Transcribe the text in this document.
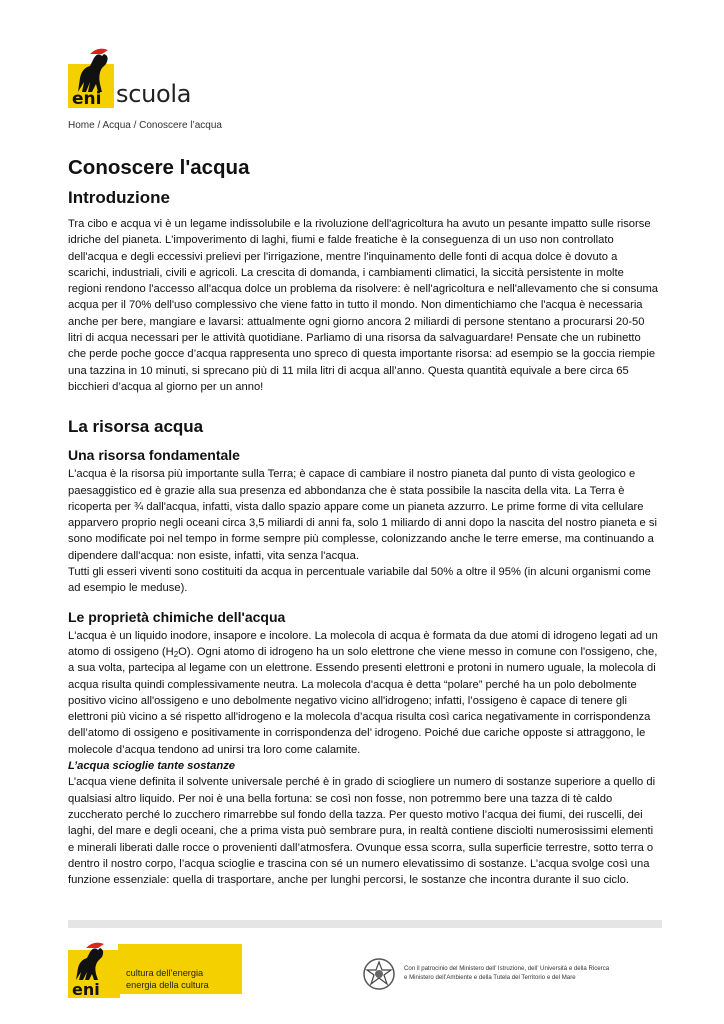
eni scuola
Home / Acqua / Conoscere l’acqua
Conoscere l'acqua
Introduzione

Tra cibo e acqua vi è un legame indissolubile e la rivoluzione dell'agricoltura ha avuto un pesante impatto sulle risorse idriche del pianeta. L'impoverimento di laghi, fiumi e falde freatiche è la conseguenza di un uso non controllato dell'acqua e degli eccessivi prelievi per l'irrigazione, mentre l'inquinamento delle fonti di acqua dolce è dovuto a scarichi, industriali, civili e agricoli. La crescita di domanda, i cambiamenti climatici, la siccità persistente in molte regioni rendono l'accesso all'acqua dolce un problema da risolvere: è nell'agricoltura e nell'allevamento che si consuma acqua per il 70% dell'uso complessivo che viene fatto in tutto il mondo. Non dimentichiamo che l'acqua è necessaria anche per bere, mangiare e lavarsi: attualmente ogni giorno ancora 2 miliardi di persone stentano a procurarsi 20-50 litri di acqua necessari per le attività quotidiane. Parliamo di una risorsa da salvaguardare! Pensate che un rubinetto che perde poche gocce d’acqua rappresenta uno spreco di questa importante risorsa: ad esempio se la goccia riempie una tazzina in 10 minuti, si sprecano più di 11 mila litri di acqua all’anno. Questa quantità equivale a bere circa 65 bicchieri d’acqua al giorno per un anno!

La risorsa acqua
Una risorsa fondamentale

L'acqua è la risorsa più importante sulla Terra; è capace di cambiare il nostro pianeta dal punto di vista geologico e paesaggistico ed è grazie alla sua presenza ed abbondanza che è stata possibile la nascita della vita. La Terra è ricoperta per ¾ dall'acqua, infatti, vista dallo spazio appare come un pianeta azzurro. Le prime forme di vita cellulare apparvero proprio negli oceani circa 3,5 miliardi di anni fa, solo 1 miliardo di anni dopo la nascita del nostro pianeta e si sono modificate poi nel tempo in forme sempre più complesse, colonizzando anche le terre emerse, ma continuando a dipendere dall'acqua: non esiste, infatti, vita senza l'acqua.

Tutti gli esseri viventi sono costituiti da acqua in percentuale variabile dal 50% a oltre il 95% (in alcuni organismi come ad esempio le meduse).

Le proprietà chimiche dell'acqua

L'acqua è un liquido inodore, insapore e incolore. La molecola di acqua è formata da due atomi di idrogeno legati ad un atomo di ossigeno $(H_2O)$. Ogni atomo di idrogeno ha un solo elettrone che viene messo in comune con l'ossigeno, che, a sua volta, partecipa al legame con un elettrone. Essendo presenti elettroni e protoni in numero uguale, la molecola di acqua risulta quindi complessivamente neutra. La molecola d'acqua è detta “polare” perché ha un polo debolmente positivo vicino all'ossigeno e uno debolmente negativo vicino all'idrogeno; infatti, l’ossigeno è capace di tenere gli elettroni più vicino a sé rispetto all'idrogeno e la molecola d’acqua risulta così carica negativamente in corrispondenza dell’atomo di ossigeno e positivamente in corrispondenza del’ idrogeno. Poiché due cariche opposte si attraggono, le molecole d’acqua tendono ad unirsi tra loro come calamite.

L’acqua scioglie tante sostanze

L’acqua viene definita il solvente universale perché è in grado di sciogliere un numero di sostanze superiore a quello di qualsiasi altro liquido. Per noi è una bella fortuna: se così non fosse, non potremmo bere una tazza di tè caldo zuccherato perché lo zucchero rimarrebbe sul fondo della tazza. Per questo motivo l’acqua dei fiumi, dei ruscelli, dei laghi, del mare e degli oceani, che a prima vista può sembrare pura, in realtà contiene disciolti numerosissimi elementi e minerali liberati dalle rocce o provenienti dall’atmosfera. Ovunque essa scorra, sulla superficie terrestre, sotto terra o dentro il nostro corpo, l’acqua scioglie e trascina con sé un numero elevatissimo di sostanze. L’acqua svolge così una funzione essenziale: quella di trasportare, anche per lunghi percorsi, le sostanze che incontra durante il suo ciclo.

eni
cultura dell’energia
energia della cultura
Con il patrocinio del Ministero dell’ Istruzione, dell’ Università e della Ricerca
e Ministero dell’Ambiente e della Tutela del Territorio e del Mare
